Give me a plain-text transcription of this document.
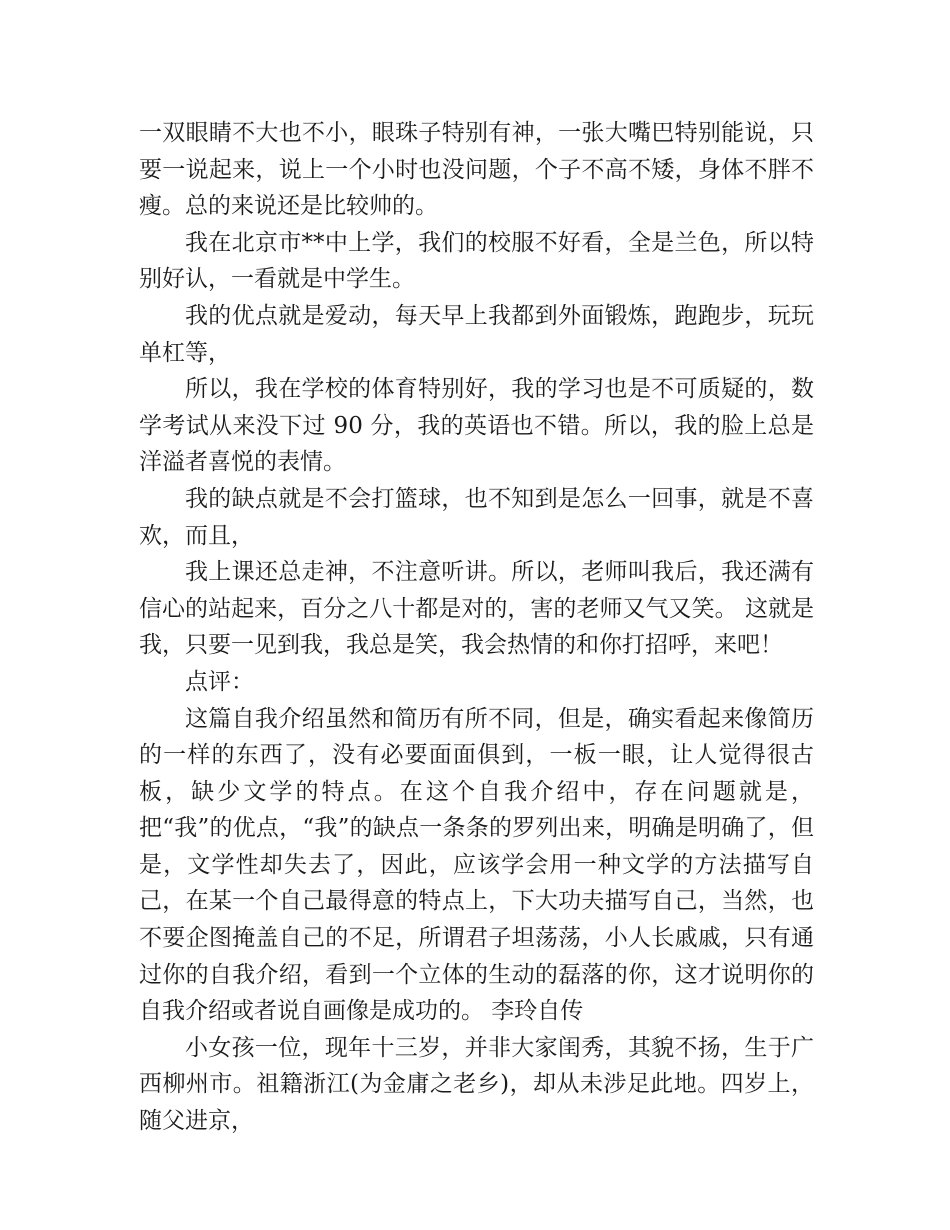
一双眼睛不大也不小，眼珠子特别有神，一张大嘴巴特别能说，只要一说起来，说上一个小时也没问题，个子不高不矮，身体不胖不瘦。总的来说还是比较帅的。

我在北京市**中上学，我们的校服不好看，全是兰色，所以特别好认，一看就是中学生。

我的优点就是爱动，每天早上我都到外面锻炼，跑跑步，玩玩单杠等，

所以，我在学校的体育特别好，我的学习也是不可质疑的，数学考试从来没下过 90 分，我的英语也不错。所以，我的脸上总是洋溢者喜悦的表情。

我的缺点就是不会打篮球，也不知到是怎么一回事，就是不喜欢，而且，

我上课还总走神，不注意听讲。所以，老师叫我后，我还满有信心的站起来，百分之八十都是对的，害的老师又气又笑。 这就是我，只要一见到我，我总是笑，我会热情的和你打招呼，来吧！

点评：

这篇自我介绍虽然和简历有所不同，但是，确实看起来像简历的一样的东西了，没有必要面面俱到，一板一眼，让人觉得很古板，缺少文学的特点。在这个自我介绍中，存在问题就是，把“我”的优点，“我”的缺点一条条的罗列出来，明确是明确了，但是，文学性却失去了，因此，应该学会用一种文学的方法描写自己，在某一个自己最得意的特点上，下大功夫描写自己，当然，也不要企图掩盖自己的不足，所谓君子坦荡荡，小人长戚戚，只有通过你的自我介绍，看到一个立体的生动的磊落的你，这才说明你的自我介绍或者说自画像是成功的。 李玲自传

小女孩一位，现年十三岁，并非大家闺秀，其貌不扬，生于广西柳州市。祖籍浙江(为金庸之老乡)，却从未涉足此地。四岁上，随父进京，
